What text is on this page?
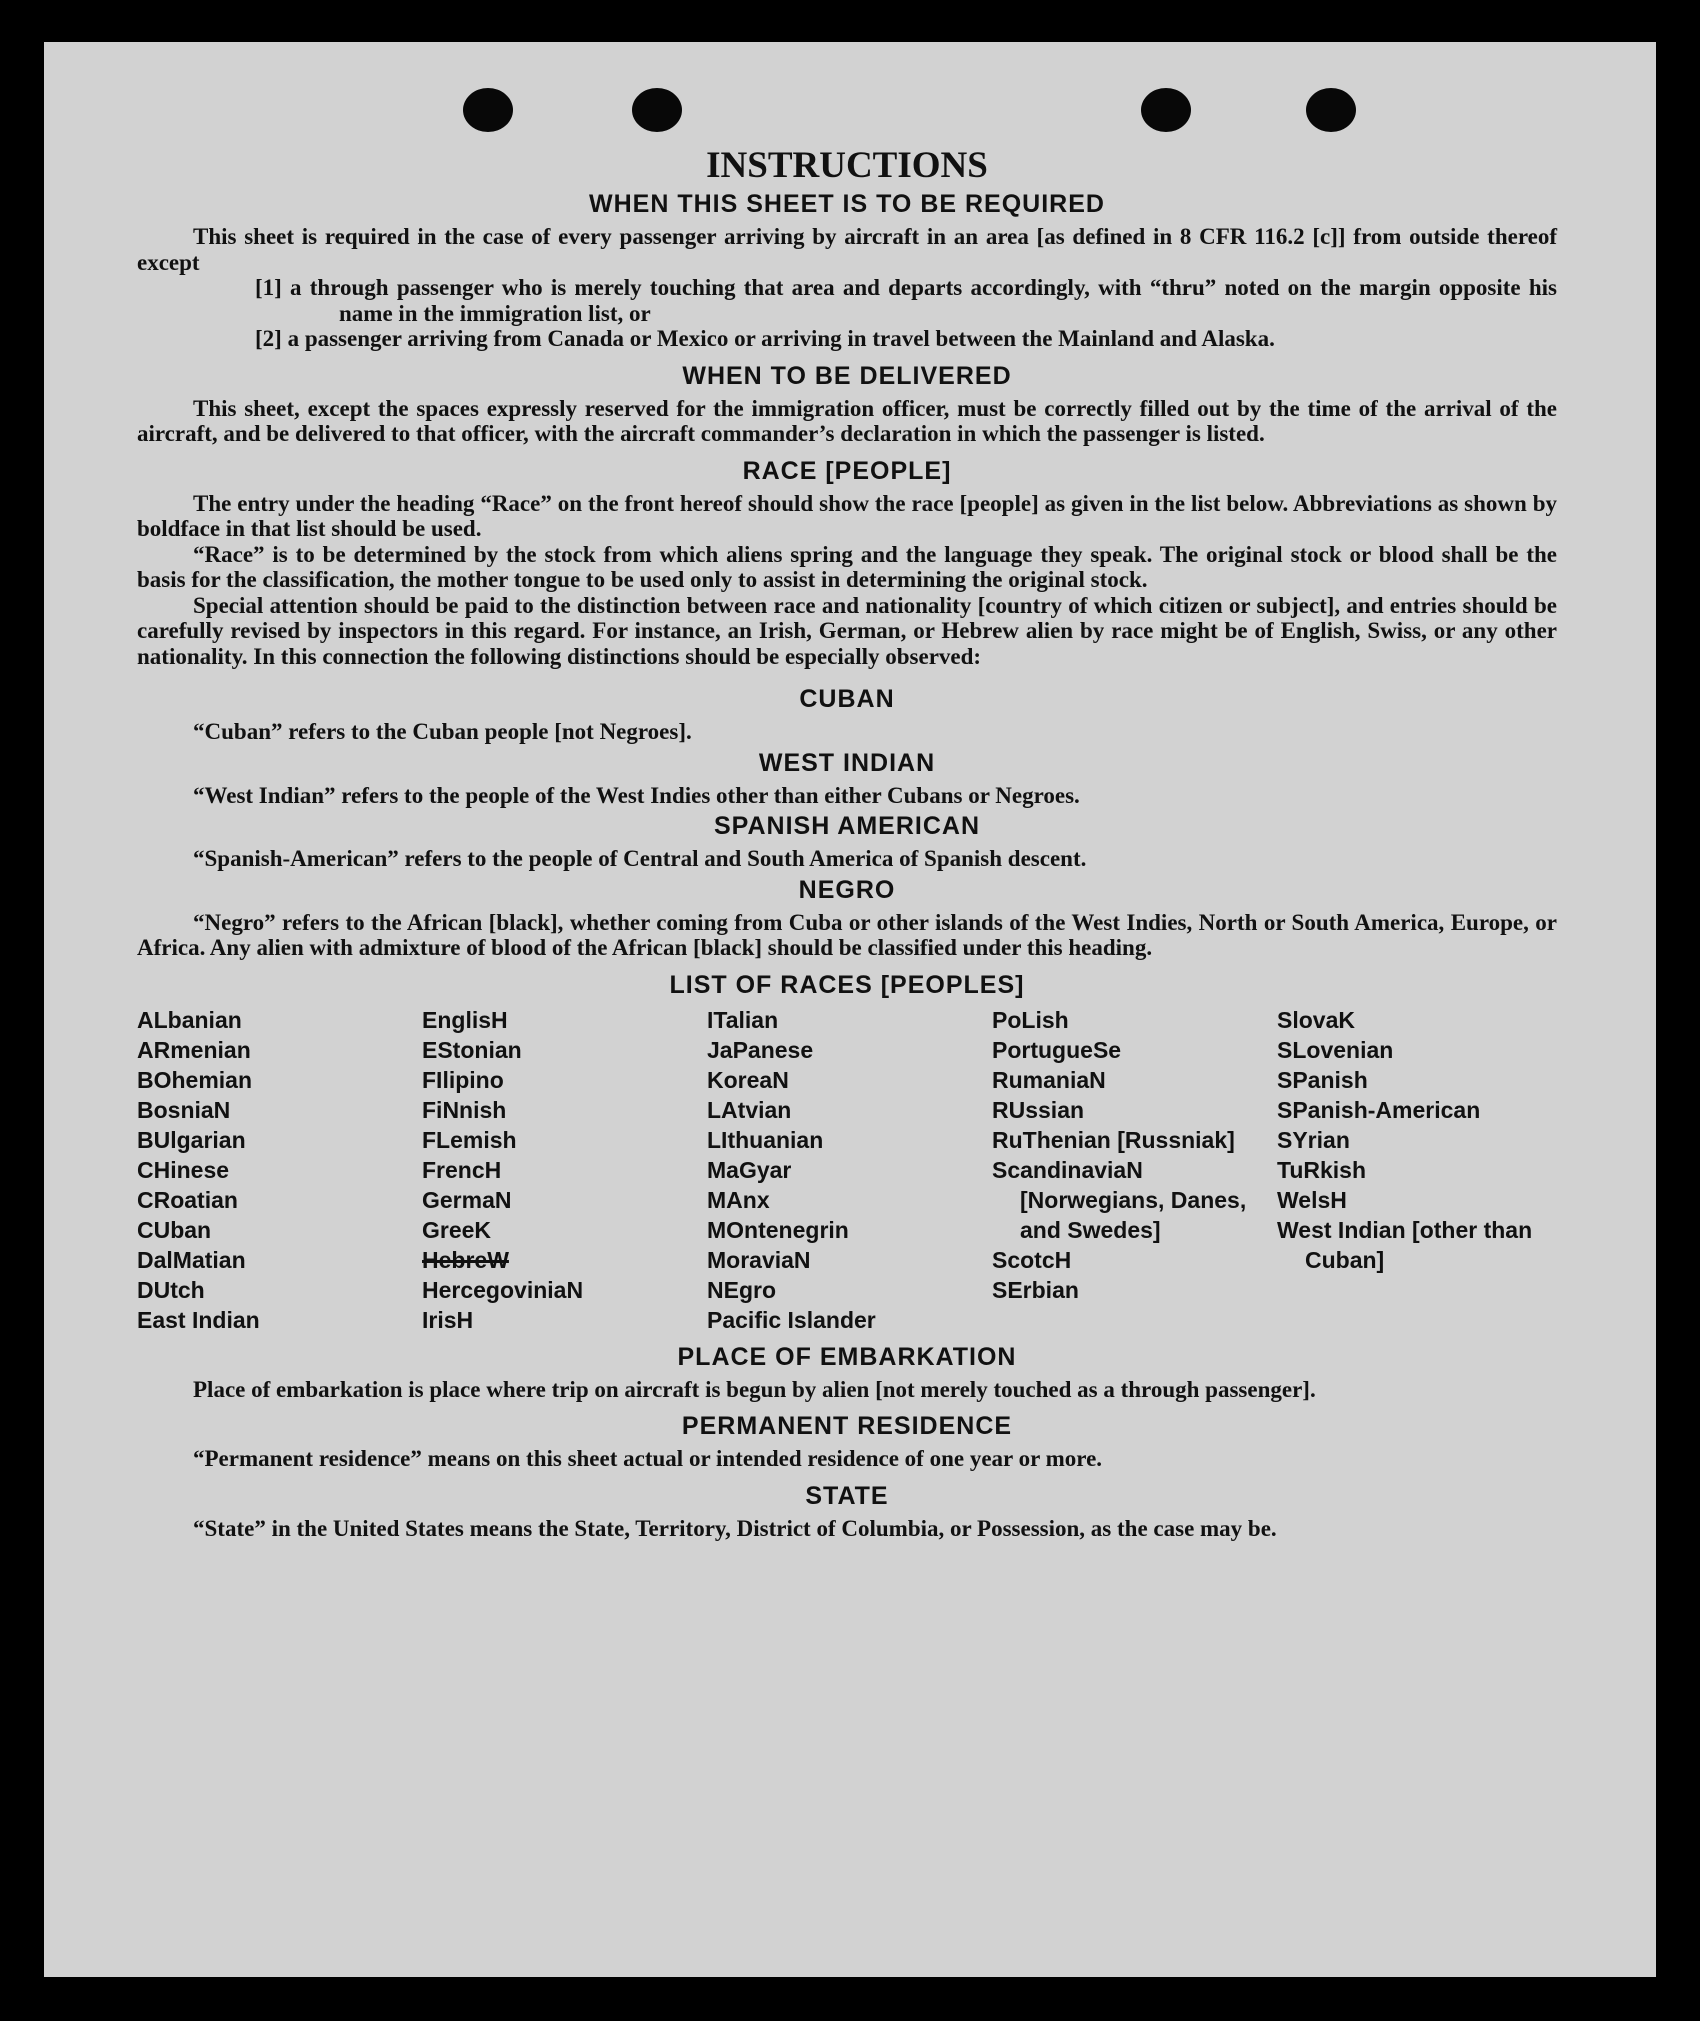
INSTRUCTIONS
WHEN THIS SHEET IS TO BE REQUIRED

This sheet is required in the case of every passenger arriving by aircraft in an area [as defined in 8 CFR 116.2 [c]] from outside thereof except

[1] a through passenger who is merely touching that area and departs accordingly, with “thru” noted on the margin opposite his name in the immigration list, or

[2] a passenger arriving from Canada or Mexico or arriving in travel between the Mainland and Alaska.

WHEN TO BE DELIVERED

This sheet, except the spaces expressly reserved for the immigration officer, must be correctly filled out by the time of the arrival of the aircraft, and be delivered to that officer, with the aircraft commander’s declaration in which the passenger is listed.

RACE [PEOPLE]

The entry under the heading “Race” on the front hereof should show the race [people] as given in the list below. Abbreviations as shown by boldface in that list should be used.

“Race” is to be determined by the stock from which aliens spring and the language they speak. The original stock or blood shall be the basis for the classification, the mother tongue to be used only to assist in determining the original stock.

Special attention should be paid to the distinction between race and nationality [country of which citizen or subject], and entries should be carefully revised by inspectors in this regard. For instance, an Irish, German, or Hebrew alien by race might be of English, Swiss, or any other nationality. In this connection the following distinctions should be especially observed:

CUBAN

“Cuban” refers to the Cuban people [not Negroes].

WEST INDIAN

“West Indian” refers to the people of the West Indies other than either Cubans or Negroes.

SPANISH AMERICAN

“Spanish-American” refers to the people of Central and South America of Spanish descent.

NEGRO

“Negro” refers to the African [black], whether coming from Cuba or other islands of the West Indies, North or South America, Europe, or Africa. Any alien with admixture of blood of the African [black] should be classified under this heading.

LIST OF RACES [PEOPLES]

ALbanian

ARmenian

BOhemian

BosniaN

BUlgarian

CHinese

CRoatian

CUban

DalMatian

DUtch

East Indian

EnglisH

EStonian

FIlipino

FiNnish

FLemish

FrencH

GermaN

GreeK

HebreW

HercegoviniaN

IrisH

ITalian

JaPanese

KoreaN

LAtvian

LIthuanian

MaGyar

MAnx

MOntenegrin

MoraviaN

NEgro

Pacific Islander

PoLish

PortugueSe

RumaniaN

RUssian

RuThenian [Russniak]

ScandinaviaN [Norwegians, Danes, and Swedes]

ScotcH

SErbian

SlovaK

SLovenian

SPanish

SPanish-American

SYrian

TuRkish

WelsH

West Indian [other than Cuban]

PLACE OF EMBARKATION

Place of embarkation is place where trip on aircraft is begun by alien [not merely touched as a through passenger].

PERMANENT RESIDENCE

“Permanent residence” means on this sheet actual or intended residence of one year or more.

STATE

“State” in the United States means the State, Territory, District of Columbia, or Possession, as the case may be.
